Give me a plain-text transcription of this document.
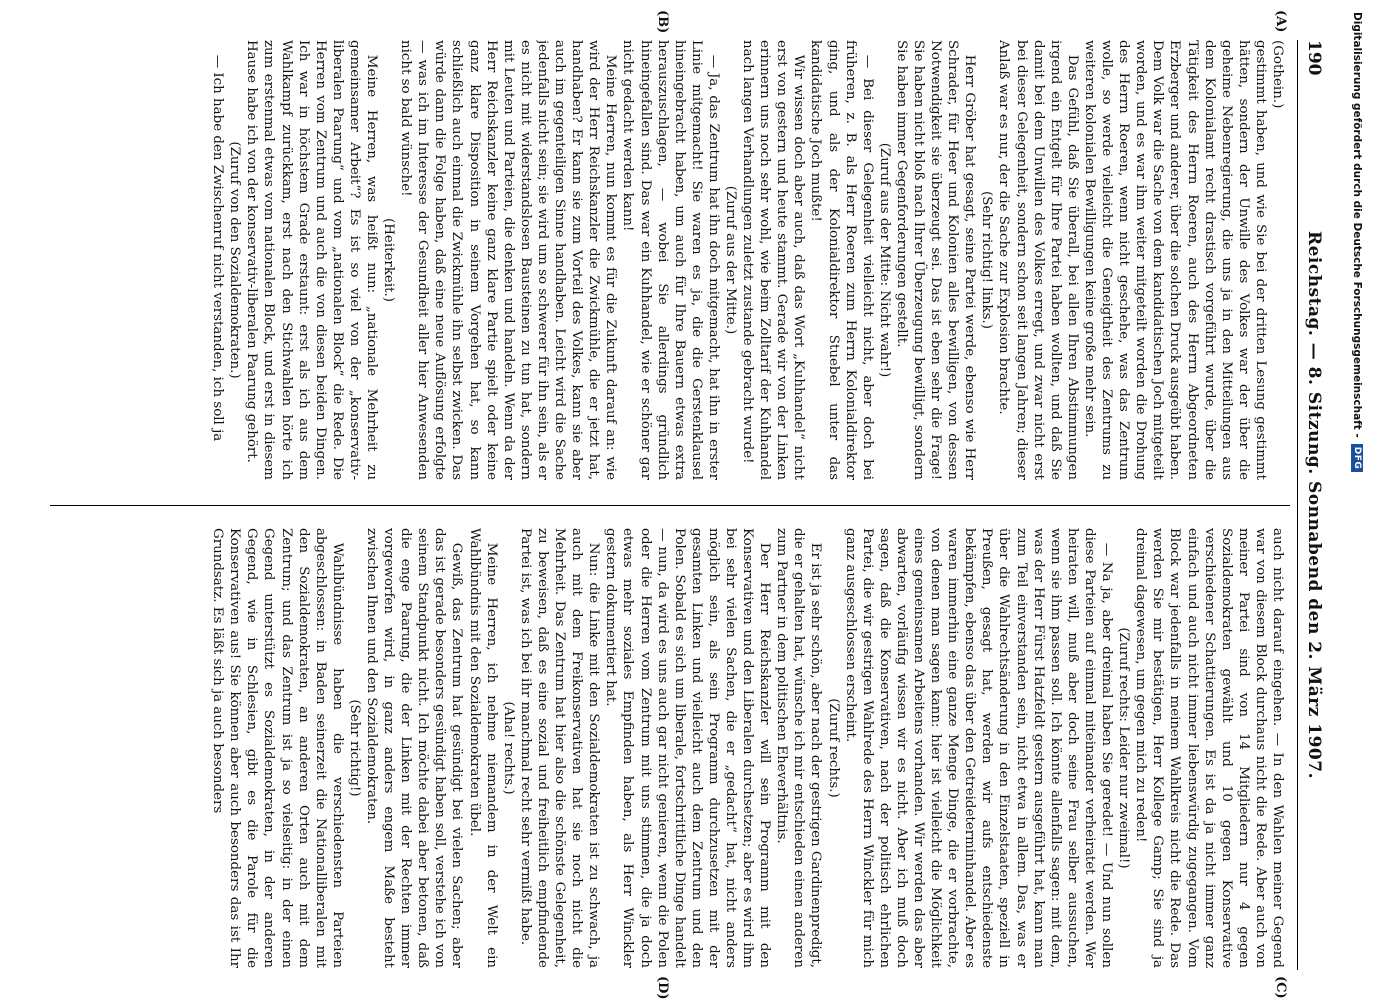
190
Reichstag. — 8. Sitzung. Sonnabend den 2. März 1907.

(Gothein.)

gestimmt haben, und wie Sie bei der dritten Lesung gestimmt hätten, sondern der Unwille des Volkes war der über die geheime Nebenregierung, die uns ja in den Mitteilungen aus dem Kolonialamt recht drastisch vorgeführt wurde, über die Tätigkeit des Herrn Roeren, auch des Herrn Abgeordneten Erzberger und anderer, über die solchen Druck ausgeübt haben. Dem Volk war die Sache von dem kandidatischen Joch mitgeteilt worden, und es war ihm weiter mitgeteilt worden die Drohung des Herrn Roeren, wenn nicht geschehe, was das Zentrum wolle, so werde vielleicht die Geneigtheit des Zentrums zu weiteren kolonialen Bewilligungen keine große mehr sein.

Das Gefühl, daß Sie überall, bei allen Ihren Abstimmungen irgend ein Entgelt für Ihre Partei haben wollten, und daß Sie damit bei dem Unwillen des Volkes erregt, und zwar nicht erst bei dieser Gelegenheit, sondern schon seit langen Jahren; dieser Anlaß war es nur, der die Sache zur Explosion brachte.

(Sehr richtig! links.)

Herr Gröber hat gesagt, seine Partei werde, ebenso wie Herr Schrader, für Heer und Kolonien alles bewilligen, von dessen Notwendigkeit sie überzeugt sei. Das ist eben sehr die Frage! Sie haben nicht bloß nach Ihrer Überzeugung bewilligt, sondern Sie haben immer Gegenforderungen gestellt.

(Zuruf aus der Mitte: Nicht wahr!)

— Bei dieser Gelegenheit vielleicht nicht, aber doch bei früheren, z. B. als Herr Roeren zum Herrn Kolonialdirektor ging, und als der Kolonialdirektor Stuebel unter das kandidatische Joch mußte!

Wir wissen doch aber auch, daß das Wort „Kuhhandel“ nicht erst von gestern und heute stammt. Gerade wir von der Linken erinnern uns noch sehr wohl, wie beim Zolltarif der Kuhhandel nach langen Verhandlungen zuletzt zustande gebracht wurde!

(Zuruf aus der Mitte.)

— Ja, das Zentrum hat ihn doch mitgemacht, hat ihn in erster Linie mitgemacht! Sie waren es ja, die die Gerstenklausel hineingebracht haben, um auch für Ihre Bauern etwas extra herauszuschlagen, — wobei Sie allerdings gründlich hineingefallen sind. Das war ein Kuhhandel, wie er schöner gar nicht gedacht werden kann!

Meine Herren, nun kommt es für die Zukunft darauf an: wie wird der Herr Reichskanzler die Zwickmühle, die er jetzt hat, handhaben? Er kann sie zum Vorteil des Volkes, kann sie aber auch im gegenteiligen Sinne handhaben. Leicht wird die Sache jedenfalls nicht sein; sie wird um so schwerer für ihn sein, als er es nicht mit widerstandslosen Bausteinen zu tun hat, sondern mit Leuten und Parteien, die denken und handeln. Wenn da der Herr Reichskanzler keine ganz klare Partie spielt oder keine ganz klare Disposition in seinem Vorgehen hat, so kann schließlich auch einmal die Zwickmühle ihn selbst zwicken. Das würde dann die Folge haben, daß eine neue Auflösung erfolgte — was ich im Interesse der Gesundheit aller hier Anwesenden nicht so bald wünsche!

(Heiterkeit.)

Meine Herren, was heißt nun: „nationale Mehrheit zu gemeinsamer Arbeit“? Es ist so viel von der „konservativ-liberalen Paarung“ und vom „nationalen Block“ die Rede. Die Herren vom Zentrum und auch die von diesen beiden Dingen. Ich war in höchstem Grade erstaunt: erst als ich aus dem Wahlkampf zurückkam, erst nach den Stichwahlen hörte ich zum erstenmal etwas vom nationalen Block, und erst in diesem Hause habe ich von der konservativ-liberalen Paarung gehört.

(Zuruf von den Sozialdemokraten.)

— Ich habe den Zwischenruf nicht verstanden, ich soll ja

auch nicht darauf eingehen. — In den Wahlen meiner Gegend war von diesem Block durchaus nicht die Rede. Aber auch von meiner Partei sind von 14 Mitgliedern nur 4 gegen Sozialdemokraten gewählt und 10 gegen Konservative verschiedener Schattierungen. Es ist da ja nicht immer ganz einfach und auch nicht immer liebenswürdig zugegangen. Vom Block war jedenfalls in meinem Wahlkreis nicht die Rede. Das werden Sie mir bestätigen, Herr Kollege Gamp; Sie sind ja dreimal dagewesen, um gegen mich zu reden!

(Zuruf rechts: Leider nur zweimal!)

— Na ja, aber dreimal haben Sie geredet! — Und nun sollen diese Parteien auf einmal miteinander verheiratet werden. Wer heiraten will, muß aber doch seine Frau selber aussuchen, wenn sie ihm passen soll. Ich könnte allenfalls sagen: mit dem, was der Herr Fürst Hatzfeldt gestern ausgeführt hat, kann man zum Teil einverstanden sein, nicht etwa in allem. Das, was er über die Wahlrechtsänderung in den Einzelstaaten, speziell in Preußen, gesagt hat, werden wir aufs entschiedenste bekämpfen, ebenso das über den Getreideterminhandel. Aber es waren immerhin eine ganze Menge Dinge, die er vorbrachte, von denen man sagen kann: hier ist vielleicht die Möglichkeit eines gemeinsamen Arbeitens vorhanden. Wir werden das aber abwarten, vorläufig wissen wir es nicht. Aber ich muß doch sagen, daß die Konservativen, nach der politisch ehrlichen Partei, die wir gestrigen Wahlrede des Herrn Winckler für mich ganz ausgeschlossen erscheint.

(Zuruf rechts.)

Er ist ja sehr schön, aber nach der gestrigen Gardinenpredigt, die er gehalten hat, wünsche ich mir entschieden einen anderen zum Partner in dem politischen Eheverhältnis.

Der Herr Reichskanzler will sein Programm mit den Konservativen und den Liberalen durchsetzen; aber es wird ihm bei sehr vielen Sachen, die er „gedacht“ hat, nicht anders möglich sein, als sein Programm durchzusetzen mit der gesamten Linken und vielleicht auch dem Zentrum und den Polen. Sobald es sich um liberale, fortschrittliche Dinge handelt — nun, da wird es uns auch gar nicht genieren, wenn die Polen oder die Herren vom Zentrum mit uns stimmen, die ja doch etwas mehr soziales Empfinden haben, als Herr Winckler gestern dokumentiert hat.

Nun: die Linke mit den Sozialdemokraten ist zu schwach, ja auch mit dem Freikonservativen hat sie noch nicht die Mehrheit. Das Zentrum hat hier also die schönste Gelegenheit, zu beweisen, daß es eine sozial und freiheitlich empfindende Partei ist, was ich bei ihr manchmal recht sehr vermißt habe.

(Aha! rechts.)

Meine Herren, ich nehme niemandem in der Welt ein Wahlbündnis mit den Sozialdemokraten übel.

Gewiß, das Zentrum hat gesündigt bei vielen Sachen; aber das ist gerade besonders gesündigt haben soll, verstehe ich von seinem Standpunkt nicht. Ich möchte dabei aber betonen, daß die enge Paarung, die der Linken mit der Rechten immer vorgeworfen wird, in ganz anders engem Maße besteht zwischen Ihnen und den Sozialdemokraten.

(Sehr richtig!)

Wahlbündnisse haben die verschiedensten Parteien abgeschlossen: in Baden seinerzeit die Nationalliberalen mit den Sozialdemokraten, an anderen Orten auch mit dem Zentrum; und das Zentrum ist ja so vielseitig: in der einen Gegend unterstützt es Sozialdemokraten, in der anderen Gegend, wie in Schlesien, gibt es die Parole für die Konservativen aus! Sie können aber auch besonders das ist Ihr Grundsatz. Es läßt sich ja auch besonders

(A)
(B)
(C)
(D)
Digitalisierung gefördert durch die Deutsche Forschungsgemeinschaft -
DFG
